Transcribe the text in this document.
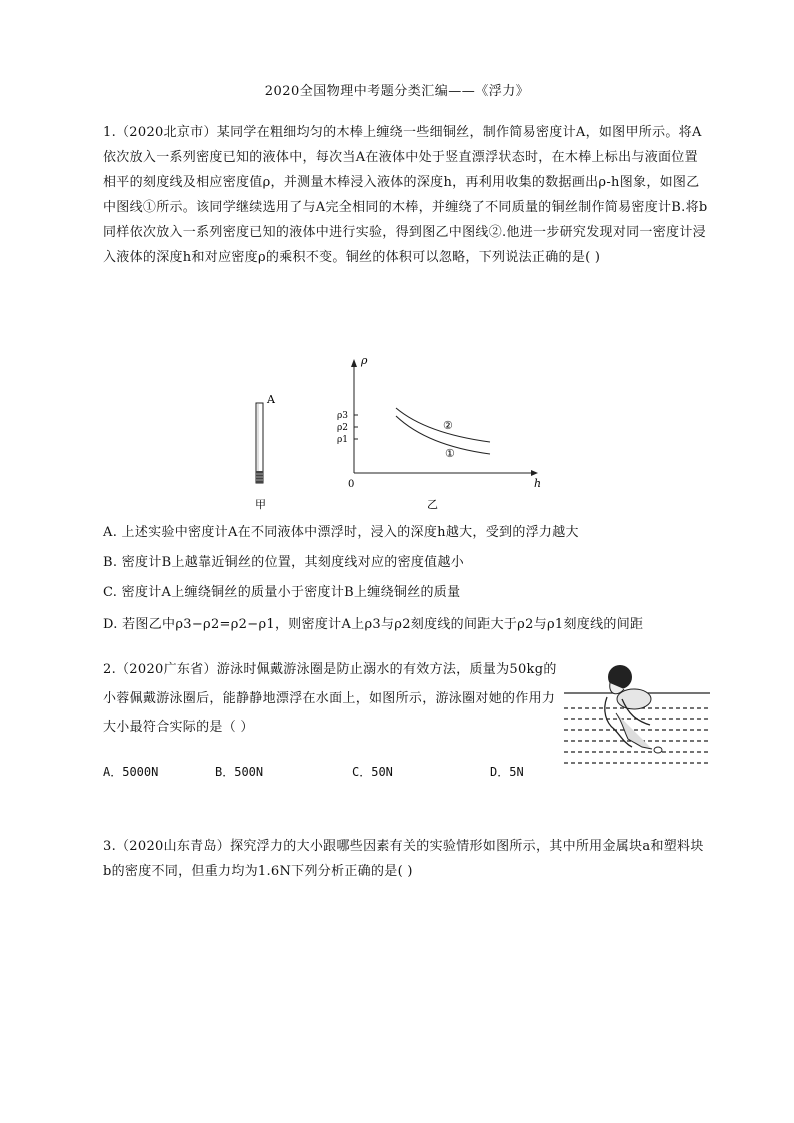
2020全国物理中考题分类汇编——《浮力》
1.（2020北京市）某同学在粗细均匀的木棒上缠绕一些细铜丝，制作简易密度计A，如图甲所示。将A依次放入一系列密度已知的液体中，每次当A在液体中处于竖直漂浮状态时，在木棒上标出与液面位置相平的刻度线及相应密度值ρ，并测量木棒浸入液体的深度h，再利用收集的数据画出ρ-h图象，如图乙中图线①所示。该同学继续选用了与A完全相同的木棒，并缠绕了不同质量的铜丝制作简易密度计B.将b同样依次放入一系列密度已知的液体中进行实验，得到图乙中图线②.他进一步研究发现对同一密度计浸入液体的深度h和对应密度ρ的乘积不变。铜丝的体积可以忽略，下列说法正确的是( )
A
甲
ρ
h
0
ρ3
ρ2
ρ1
②
①
乙
A. 上述实验中密度计A在不同液体中漂浮时，浸入的深度h越大，受到的浮力越大
B. 密度计B上越靠近铜丝的位置，其刻度线对应的密度值越小
C. 密度计A上缠绕铜丝的质量小于密度计B上缠绕铜丝的质量
D. 若图乙中ρ3−ρ2=ρ2−ρ1，则密度计A上ρ3与ρ2刻度线的间距大于ρ2与ρ1刻度线的间距
2.（2020广东省）游泳时佩戴游泳圈是防止溺水的有效方法，质量为50kg的小蓉佩戴游泳圈后，能静静地漂浮在水面上，如图所示，游泳圈对她的作用力大小最符合实际的是（ ）
A．5000N	B．500N	C．50N	D．5N
3.（2020山东青岛）探究浮力的大小跟哪些因素有关的实验情形如图所示，其中所用金属块a和塑料块b的密度不同，但重力均为1.6N下列分析正确的是( )
